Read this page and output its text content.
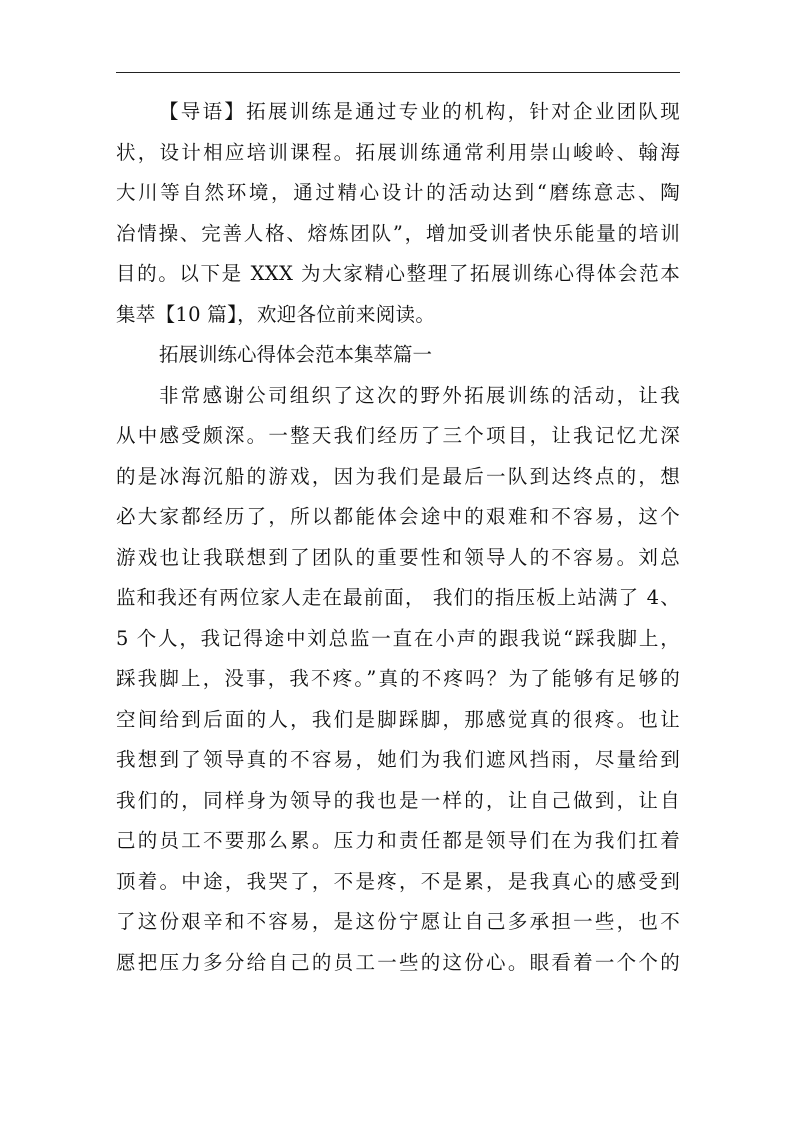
【导语】拓展训练是通过专业的机构，针对企业团队现
状，设计相应培训课程。拓展训练通常利用崇山峻岭、翰海
大川等自然环境，通过精心设计的活动达到“磨练意志、陶
冶情操、完善人格、熔炼团队”，增加受训者快乐能量的培训
目的。以下是 XXX 为大家精心整理了拓展训练心得体会范本
集萃【10 篇】，欢迎各位前来阅读。
拓展训练心得体会范本集萃篇一
非常感谢公司组织了这次的野外拓展训练的活动，让我
从中感受颇深。一整天我们经历了三个项目，让我记忆尤深
的是冰海沉船的游戏，因为我们是最后一队到达终点的，想
必大家都经历了，所以都能体会途中的艰难和不容易，这个
游戏也让我联想到了团队的重要性和领导人的不容易。刘总
监和我还有两位家人走在最前面， 我们的指压板上站满了 4、
5 个人，我记得途中刘总监一直在小声的跟我说“踩我脚上，
踩我脚上，没事，我不疼。”真的不疼吗？为了能够有足够的
空间给到后面的人，我们是脚踩脚，那感觉真的很疼。也让
我想到了领导真的不容易，她们为我们遮风挡雨，尽量给到
我们的，同样身为领导的我也是一样的，让自己做到，让自
己的员工不要那么累。压力和责任都是领导们在为我们扛着
顶着。中途，我哭了，不是疼，不是累，是我真心的感受到
了这份艰辛和不容易，是这份宁愿让自己多承担一些，也不
愿把压力多分给自己的员工一些的这份心。眼看着一个个的
